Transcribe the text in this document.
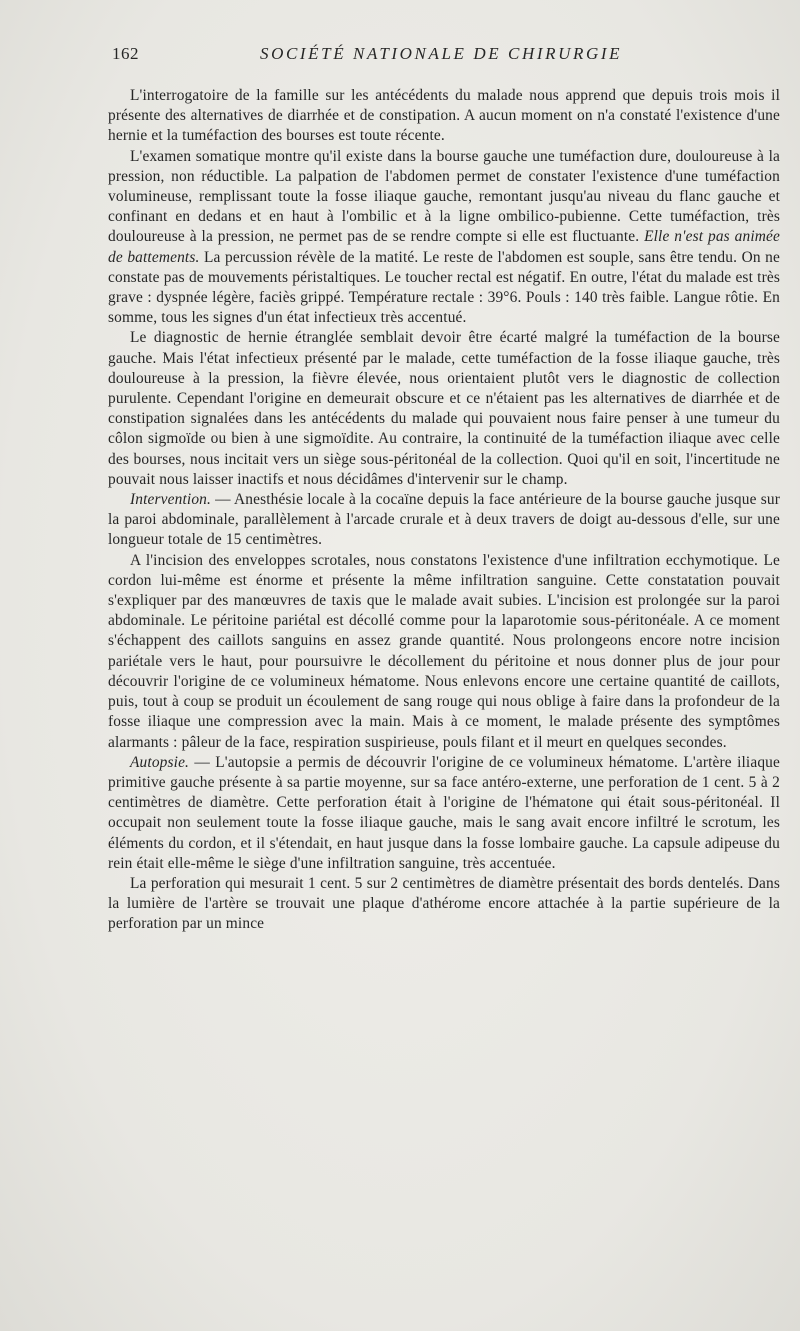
162	SOCIÉTÉ NATIONALE DE CHIRURGIE

L'interrogatoire de la famille sur les antécédents du malade nous apprend que depuis trois mois il présente des alternatives de diarrhée et de constipation. A aucun moment on n'a constaté l'existence d'une hernie et la tuméfaction des bourses est toute récente.

L'examen somatique montre qu'il existe dans la bourse gauche une tuméfaction dure, douloureuse à la pression, non réductible. La palpation de l'abdomen permet de constater l'existence d'une tuméfaction volumineuse, remplissant toute la fosse iliaque gauche, remontant jusqu'au niveau du flanc gauche et confinant en dedans et en haut à l'ombilic et à la ligne ombilico-pubienne. Cette tuméfaction, très douloureuse à la pression, ne permet pas de se rendre compte si elle est fluctuante. Elle n'est pas animée de battements. La percussion révèle de la matité. Le reste de l'abdomen est souple, sans être tendu. On ne constate pas de mouvements péristaltiques. Le toucher rectal est négatif. En outre, l'état du malade est très grave : dyspnée légère, faciès grippé. Température rectale : 39°6. Pouls : 140 très faible. Langue rôtie. En somme, tous les signes d'un état infectieux très accentué.

Le diagnostic de hernie étranglée semblait devoir être écarté malgré la tuméfaction de la bourse gauche. Mais l'état infectieux présenté par le malade, cette tuméfaction de la fosse iliaque gauche, très douloureuse à la pression, la fièvre élevée, nous orientaient plutôt vers le diagnostic de collection purulente. Cependant l'origine en demeurait obscure et ce n'étaient pas les alternatives de diarrhée et de constipation signalées dans les antécédents du malade qui pouvaient nous faire penser à une tumeur du côlon sigmoïde ou bien à une sigmoïdite. Au contraire, la continuité de la tuméfaction iliaque avec celle des bourses, nous incitait vers un siège sous-péritonéal de la collection. Quoi qu'il en soit, l'incertitude ne pouvait nous laisser inactifs et nous décidâmes d'intervenir sur le champ.

Intervention. — Anesthésie locale à la cocaïne depuis la face antérieure de la bourse gauche jusque sur la paroi abdominale, parallèlement à l'arcade crurale et à deux travers de doigt au-dessous d'elle, sur une longueur totale de 15 centimètres.

A l'incision des enveloppes scrotales, nous constatons l'existence d'une infiltration ecchymotique. Le cordon lui-même est énorme et présente la même infiltration sanguine. Cette constatation pouvait s'expliquer par des manœuvres de taxis que le malade avait subies. L'incision est prolongée sur la paroi abdominale. Le péritoine pariétal est décollé comme pour la laparotomie sous-péritonéale. A ce moment s'échappent des caillots sanguins en assez grande quantité. Nous prolongeons encore notre incision pariétale vers le haut, pour poursuivre le décollement du péritoine et nous donner plus de jour pour découvrir l'origine de ce volumineux hématome. Nous enlevons encore une certaine quantité de caillots, puis, tout à coup se produit un écoulement de sang rouge qui nous oblige à faire dans la profondeur de la fosse iliaque une compression avec la main. Mais à ce moment, le malade présente des symptômes alarmants : pâleur de la face, respiration suspirieuse, pouls filant et il meurt en quelques secondes.

Autopsie. — L'autopsie a permis de découvrir l'origine de ce volumineux hématome. L'artère iliaque primitive gauche présente à sa partie moyenne, sur sa face antéro-externe, une perforation de 1 cent. 5 à 2 centimètres de diamètre. Cette perforation était à l'origine de l'hématone qui était sous-péritonéal. Il occupait non seulement toute la fosse iliaque gauche, mais le sang avait encore infiltré le scrotum, les éléments du cordon, et il s'étendait, en haut jusque dans la fosse lombaire gauche. La capsule adipeuse du rein était elle-même le siège d'une infiltration sanguine, très accentuée.

La perforation qui mesurait 1 cent. 5 sur 2 centimètres de diamètre présentait des bords dentelés. Dans la lumière de l'artère se trouvait une plaque d'athérome encore attachée à la partie supérieure de la perforation par un mince
